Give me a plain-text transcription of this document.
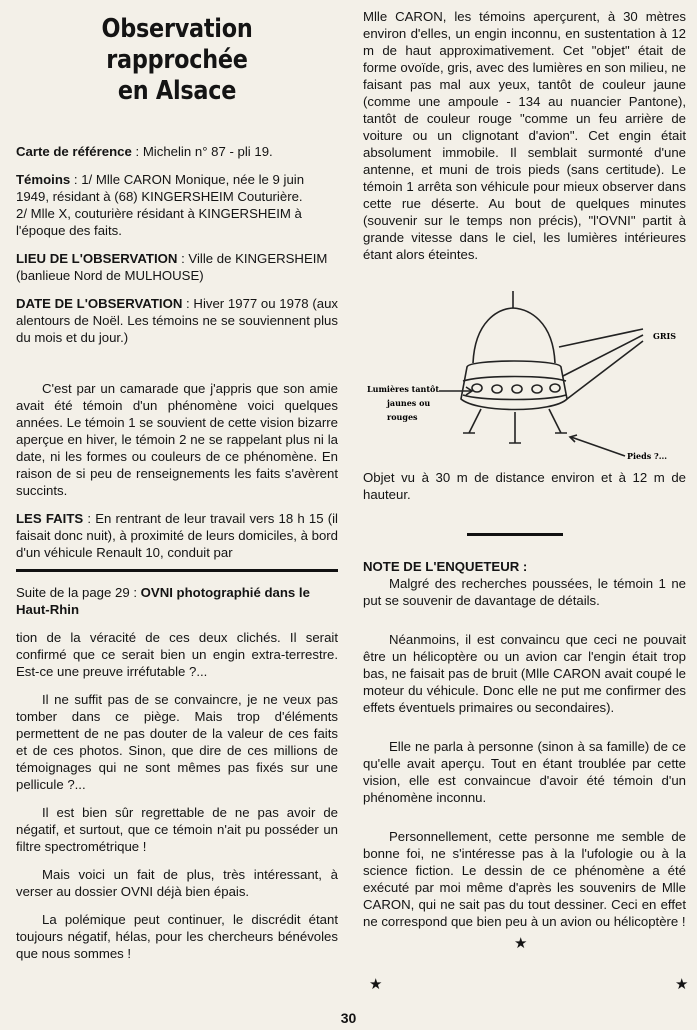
Observation rapprochée
en Alsace

Carte de référence : Michelin n° 87 - pli 19.

Témoins : 1/ Mlle CARON Monique, née le 9 juin 1949, résidant à (68) KINGERSHEIM Couturière.

2/ Mlle X, couturière résidant à KINGERSHEIM à l'époque des faits.

LIEU DE L'OBSERVATION : Ville de KINGERSHEIM (banlieue Nord de MULHOUSE)

DATE DE L'OBSERVATION : Hiver 1977 ou 1978 (aux alentours de Noël. Les témoins ne se souviennent plus du mois et du jour.)

C'est par un camarade que j'appris que son amie avait été témoin d'un phénomène voici quelques années. Le témoin 1 se souvient de cette vision bizarre aperçue en hiver, le témoin 2 ne se rappelant plus ni la date, ni les formes ou couleurs de ce phénomène. En raison de si peu de renseignements les faits s'avèrent succints.

LES FAITS : En rentrant de leur travail vers 18 h 15 (il faisait donc nuit), à proximité de leurs domiciles, à bord d'un véhicule Renault 10, conduit par

Suite de la page 29 : OVNI photographié dans le Haut-Rhin

tion de la véracité de ces deux clichés. Il serait confirmé que ce serait bien un engin extra-terrestre. Est-ce une preuve irréfutable ?...

Il ne suffit pas de se convaincre, je ne veux pas tomber dans ce piège. Mais trop d'éléments permettent de ne pas douter de la valeur de ces faits et de ces photos. Sinon, que dire de ces millions de témoignages qui ne sont mêmes pas fixés sur une pellicule ?...

Il est bien sûr regrettable de ne pas avoir de négatif, et surtout, que ce témoin n'ait pu posséder un filtre spectrométrique !

Mais voici un fait de plus, très intéressant, à verser au dossier OVNI déjà bien épais.

La polémique peut continuer, le discrédit étant toujours négatif, hélas, pour les chercheurs bénévoles que nous sommes !

Mlle CARON, les témoins aperçurent, à 30 mètres environ d'elles, un engin inconnu, en sustentation à 12 m de haut approximativement. Cet "objet" était de forme ovoïde, gris, avec des lumières en son milieu, ne faisant pas mal aux yeux, tantôt de couleur jaune (comme une ampoule - 134 au nuancier Pantone), tantôt de couleur rouge "comme un feu arrière de voiture ou un clignotant d'avion". Cet engin était absolument immobile. Il semblait surmonté d'une antenne, et muni de trois pieds (sans certitude). Le témoin 1 arrêta son véhicule pour mieux observer dans cette rue déserte. Au bout de quelques minutes (souvenir sur le temps non précis), "l'OVNI" partit à grande vitesse dans le ciel, les lumières intérieures étant alors éteintes.

Lumières tantôt
jaunes ou
rouges
GRIS
Pieds ?...

Objet vu à 30 m de distance environ et à 12 m de hauteur.

NOTE DE L'ENQUETEUR :

Malgré des recherches poussées, le témoin 1 ne put se souvenir de davantage de détails.

Néanmoins, il est convaincu que ceci ne pouvait être un hélicoptère ou un avion car l'engin était trop bas, ne faisait pas de bruit (Mlle CARON avait coupé le moteur du véhicule. Donc elle ne put me confirmer des effets éventuels primaires ou secondaires).

Elle ne parla à personne (sinon à sa famille) de ce qu'elle avait aperçu. Tout en étant troublée par cette vision, elle est convaincue d'avoir été témoin d'un phénomène inconnu.

Personnellement, cette personne me semble de bonne foi, ne s'intéresse pas à la l'ufologie ou à la science fiction. Le dessin de ce phénomène a été exécuté par moi même d'après les souvenirs de Mlle CARON, qui ne sait pas du tout dessiner. Ceci en effet ne correspond que bien peu à un avion ou hélicoptère !

★
★	★
30
